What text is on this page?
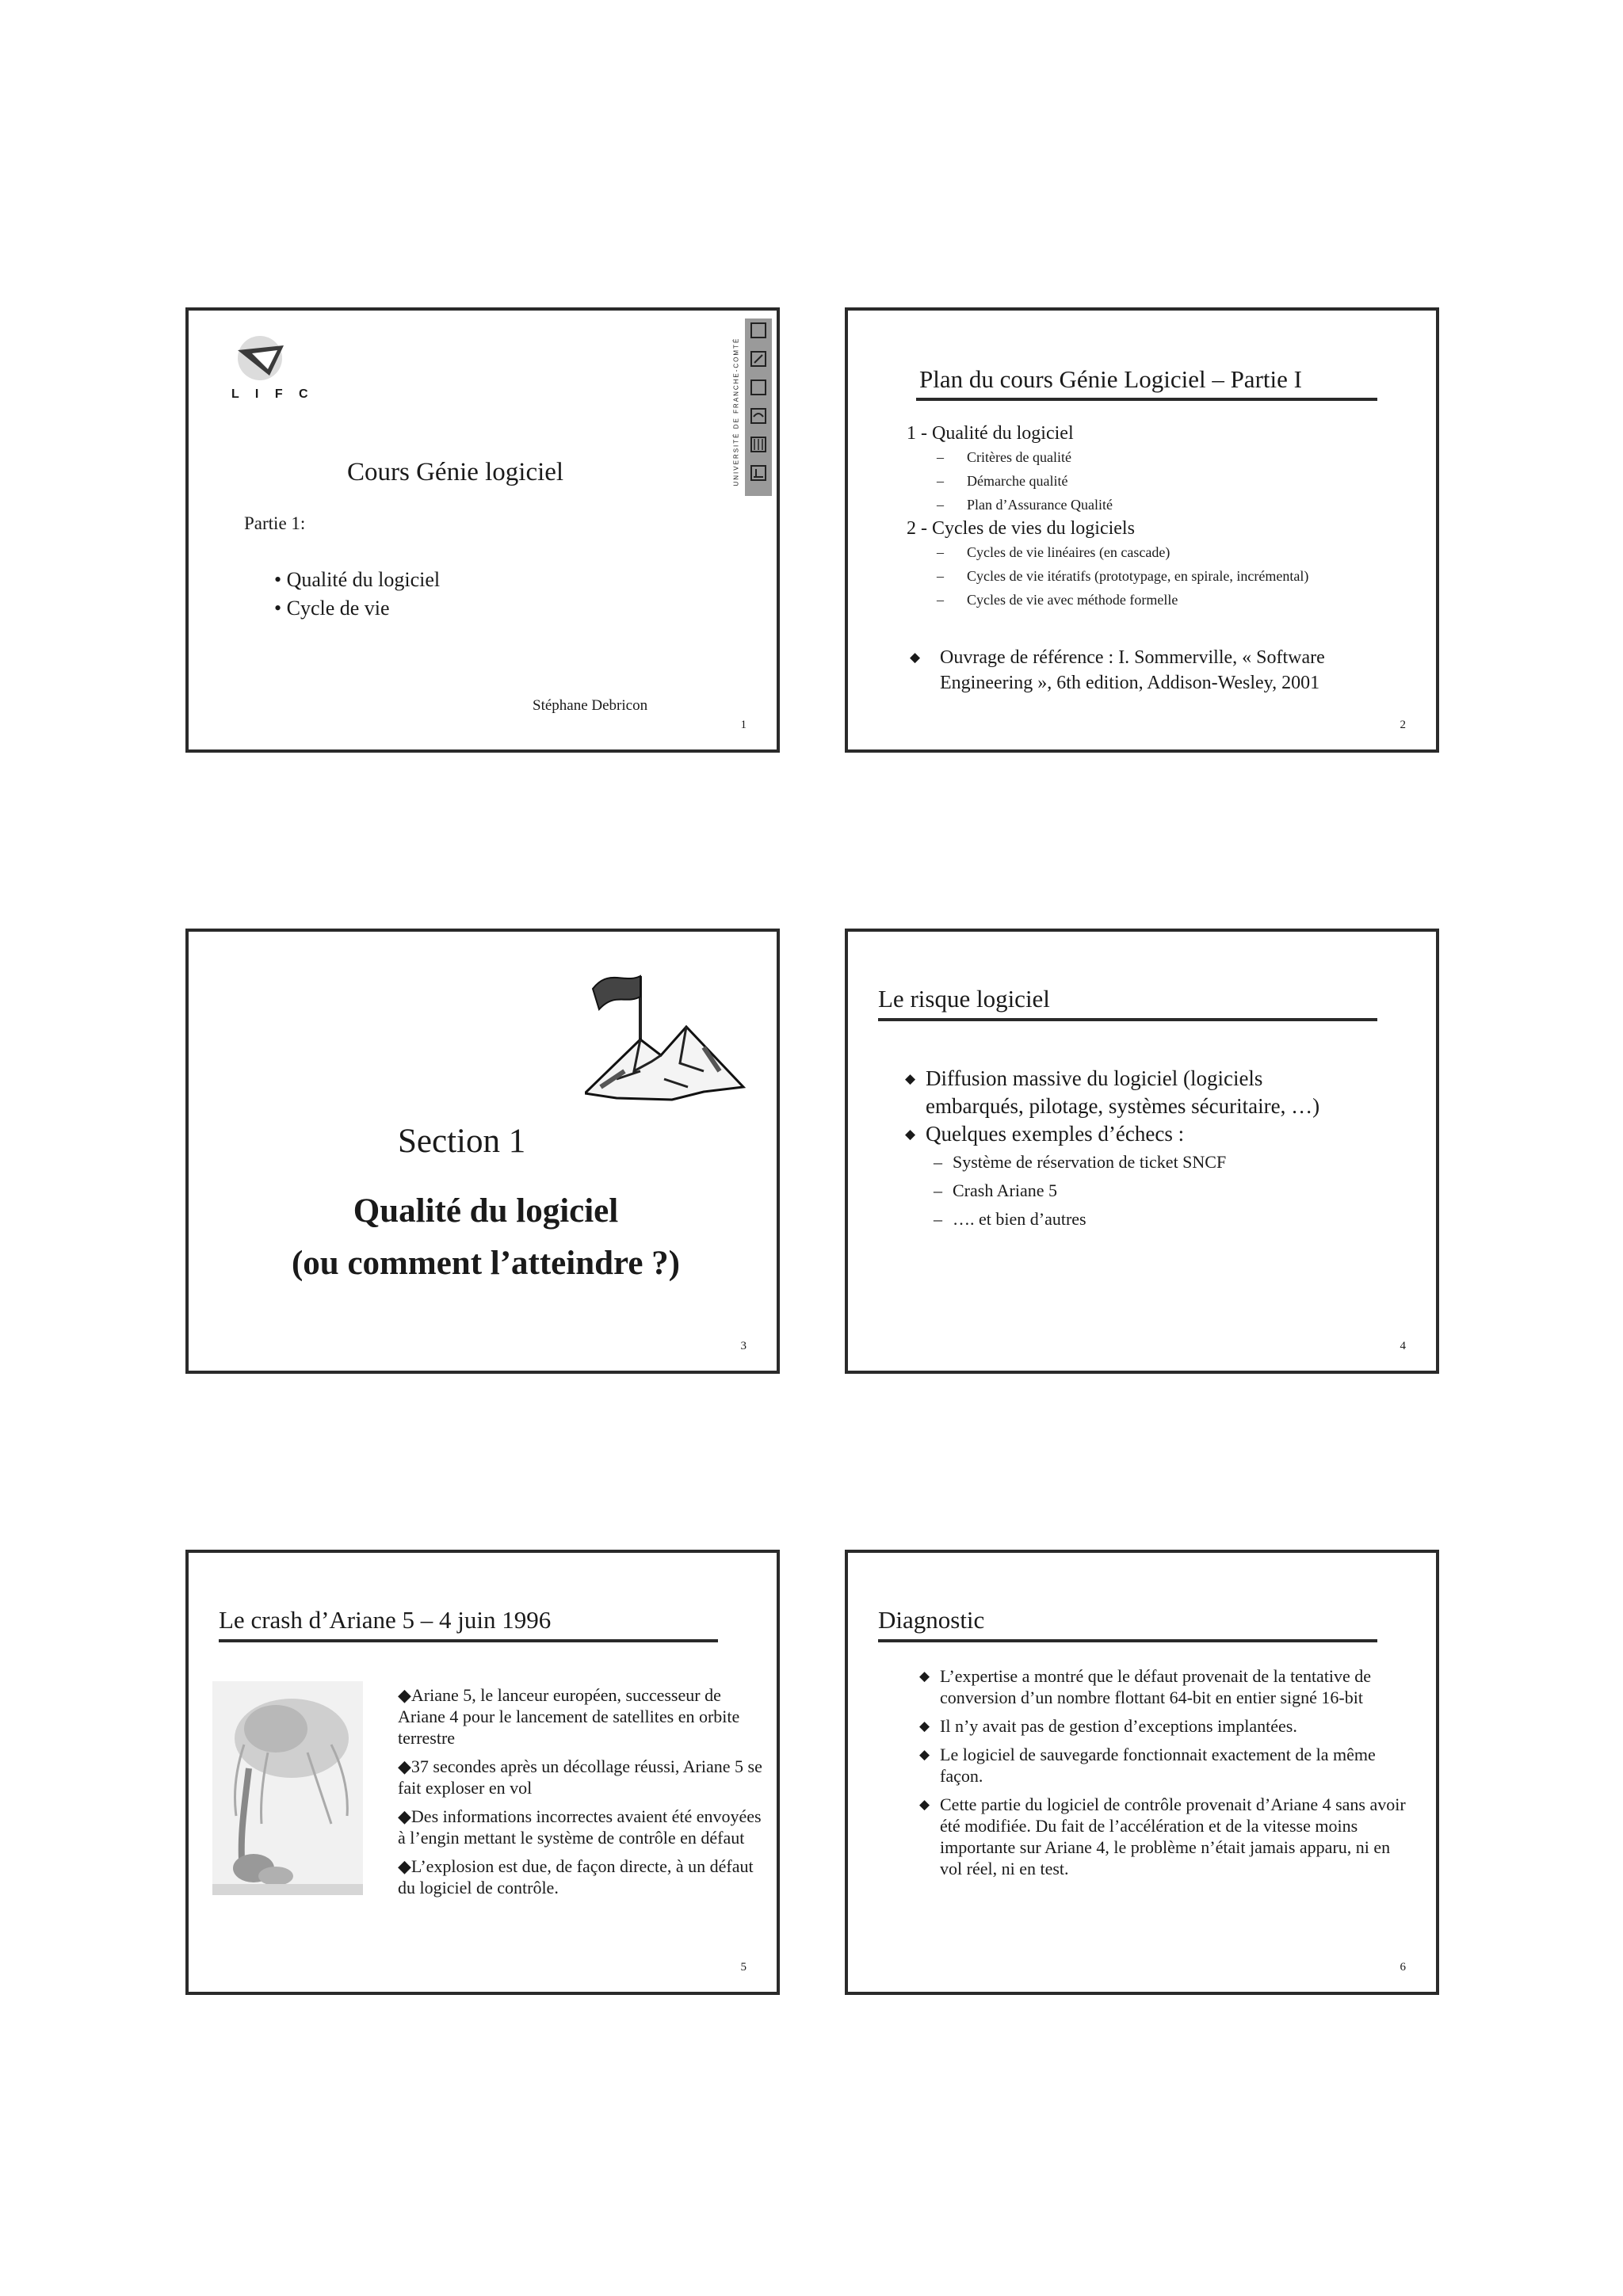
L I F C	UNIVERSITÉ DE FRANCHE-COMTÉ
Cours Génie logiciel
Partie 1:
• Qualité du logiciel
• Cycle de vie
Stéphane Debricon
1
Plan du cours Génie Logiciel – Partie I
1 - Qualité du logiciel
– Critères de qualité
– Démarche qualité
– Plan d’Assurance Qualité
2 - Cycles de vies du logiciels
– Cycles de vie linéaires (en cascade)
– Cycles de vie itératifs (prototypage, en spirale, incrémental)
– Cycles de vie avec méthode formelle
◆ Ouvrage de référence : I. Sommerville, « Software
Engineering », 6th edition, Addison-Wesley, 2001
2
Section 1
Qualité du logiciel
(ou comment l’atteindre ?)
3
Le risque logiciel
◆ Diffusion massive du logiciel (logiciels
embarqués, pilotage, systèmes sécuritaire, …)
◆ Quelques exemples d’échecs :
– Système de réservation de ticket SNCF
– Crash Ariane 5
– …. et bien d’autres
4
Le crash d’Ariane 5 – 4 juin 1996

◆Ariane 5, le lanceur européen, successeur de Ariane 4 pour le lancement de satellites en orbite terrestre

◆37 secondes après un décollage réussi, Ariane 5 se fait exploser en vol

◆Des informations incorrectes avaient été envoyées à l’engin mettant le système de contrôle en défaut

◆L’explosion est due, de façon directe, à un défaut du logiciel de contrôle.

5
Diagnostic
◆ L’expertise a montré que le défaut provenait de la tentative de conversion d’un nombre flottant 64-bit en entier signé 16-bit
◆ Il n’y avait pas de gestion d’exceptions implantées.
◆ Le logiciel de sauvegarde fonctionnait exactement de la même façon.
◆ Cette partie du logiciel de contrôle provenait d’Ariane 4 sans avoir été modifiée. Du fait de l’accélération et de la vitesse moins importante sur Ariane 4, le problème n’était jamais apparu, ni en vol réel, ni en test.
6
